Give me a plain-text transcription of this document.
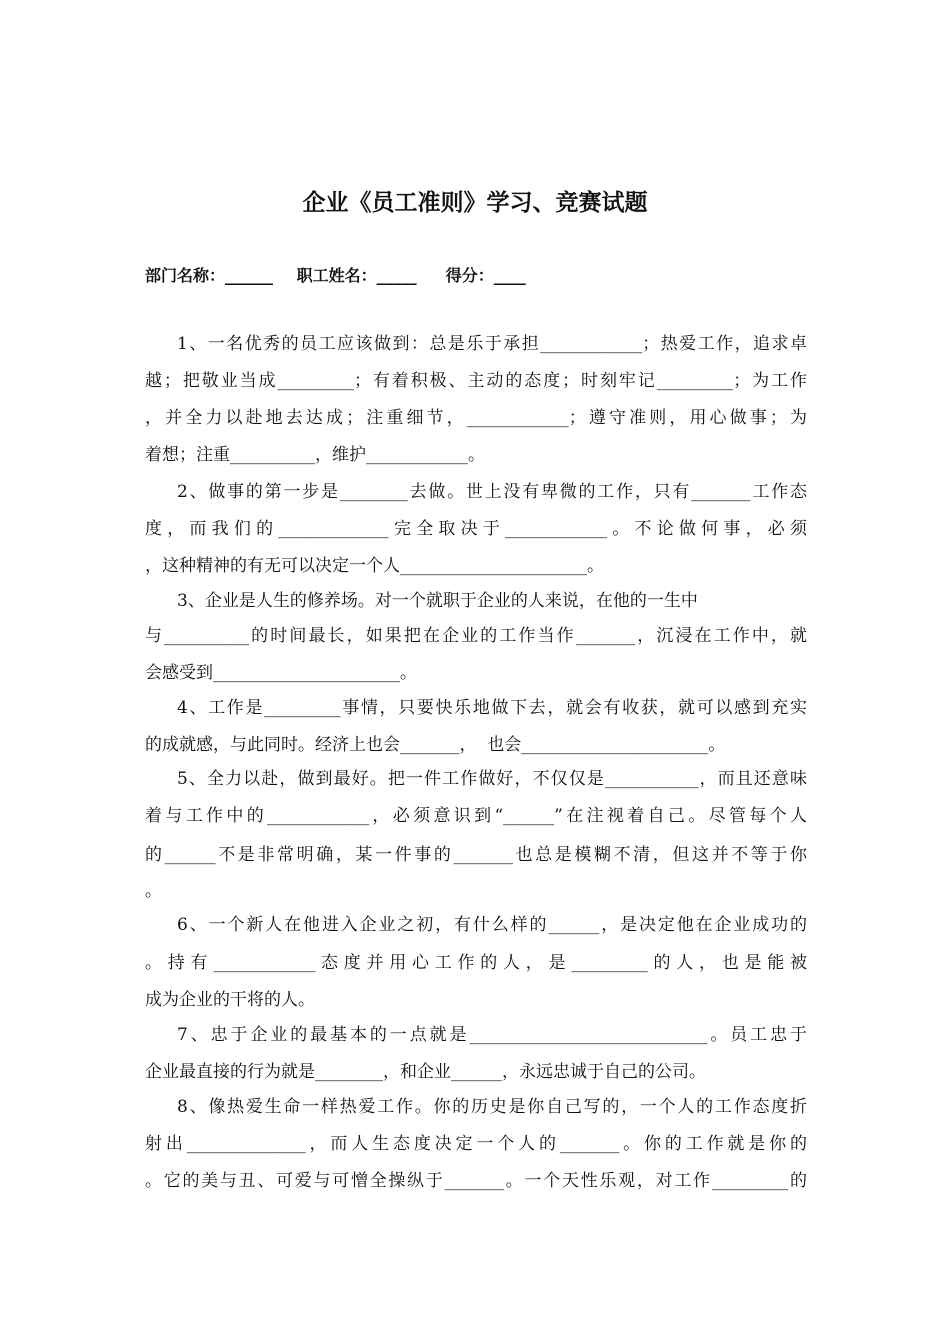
企业《员工准则》学习、竞赛试题
部门名称：______ 职工姓名：_____ 得分：____
1、一名优秀的员工应该做到：总是乐于承担____________；热爱工作，追求卓
越；把敬业当成_________；有着积极、主动的态度；时刻牢记_________；为工作
，并全力以赴地去达成；注重细节，____________；遵守准则，用心做事；为
着想；注重__________，维护____________。
2、做事的第一步是________去做。世上没有卑微的工作，只有_______工作态
度，而我们的_____________完全取决于____________。不论做何事，必须
，这种精神的有无可以决定一个人______________________。
3、企业是人生的修养场。对一个就职于企业的人来说，在他的一生中
与__________的时间最长，如果把在企业的工作当作_______，沉浸在工作中，就
会感受到______________________。
4、工作是_________事情，只要快乐地做下去，就会有收获，就可以感到充实
的成就感，与此同时。经济上也会_______，  也会______________________。
5、全力以赴，做到最好。把一件工作做好，不仅仅是___________，而且还意味
着与工作中的____________，必须意识到“______”在注视着自己。尽管每个人
的______不是非常明确，某一件事的_______也总是模糊不清，但这并不等于你
。
6、一个新人在他进入企业之初，有什么样的______，是决定他在企业成功的
。持有____________态度并用心工作的人，是_________的人，也是能被
成为企业的干将的人。
7、忠于企业的最基本的一点就是____________________________。员工忠于
企业最直接的行为就是________，和企业______，永远忠诚于自己的公司。
8、像热爱生命一样热爱工作。你的历史是你自己写的，一个人的工作态度折
射出______________，而人生态度决定一个人的_______。你的工作就是你的
。它的美与丑、可爱与可憎全操纵于_______。一个天性乐观，对工作_________的
